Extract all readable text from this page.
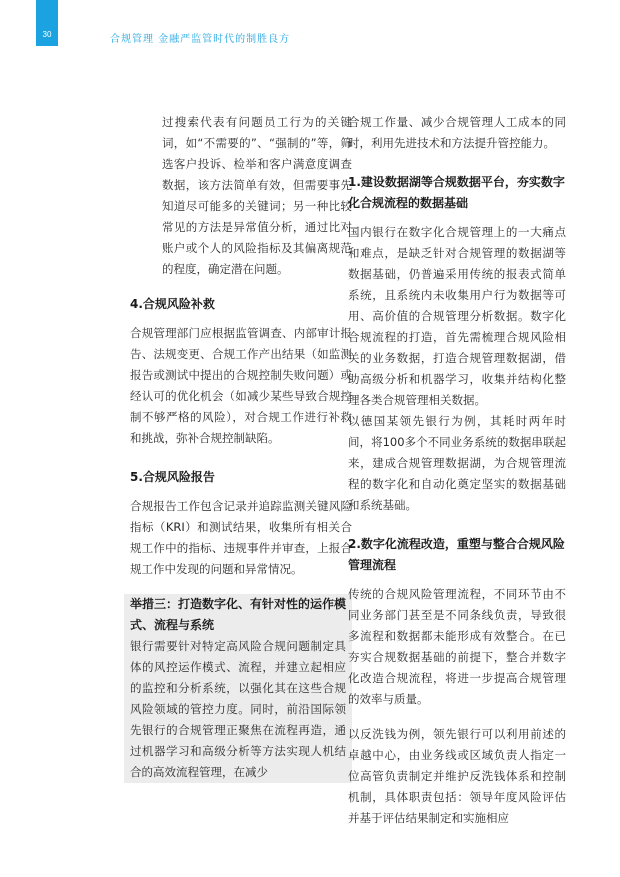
30	合规管理 金融严监管时代的制胜良方

过搜索代表有问题员工行为的关键词，如“不需要的”、“强制的”等，筛选客户投诉、检举和客户满意度调查数据，该方法简单有效，但需要事先知道尽可能多的关键词；另一种比较常见的方法是异常值分析，通过比对账户或个人的风险指标及其偏离规范的程度，确定潜在问题。

4.合规风险补救

合规管理部门应根据监管调查、内部审计报告、法规变更、合规工作产出结果（如监测报告或测试中提出的合规控制失败问题）或经认可的优化机会（如减少某些导致合规控制不够严格的风险），对合规工作进行补救和挑战，弥补合规控制缺陷。

5.合规风险报告

合规报告工作包含记录并追踪监测关键风险指标（KRI）和测试结果，收集所有相关合规工作中的指标、违规事件并审查，上报合规工作中发现的问题和异常情况。

举措三：打造数字化、有针对性的运作模式、流程与系统

银行需要针对特定高风险合规问题制定具体的风控运作模式、流程，并建立起相应的监控和分析系统，以强化其在这些合规风险领域的管控力度。同时，前沿国际领先银行的合规管理正聚焦在流程再造，通过机器学习和高级分析等方法实现人机结合的高效流程管理，在减少

合规工作量、减少合规管理人工成本的同时，利用先进技术和方法提升管控能力。

1.建设数据湖等合规数据平台，夯实数字化合规流程的数据基础

国内银行在数字化合规管理上的一大痛点和难点，是缺乏针对合规管理的数据湖等数据基础，仍普遍采用传统的报表式简单系统，且系统内未收集用户行为数据等可用、高价值的合规管理分析数据。数字化合规流程的打造，首先需梳理合规风险相关的业务数据，打造合规管理数据湖，借助高级分析和机器学习，收集并结构化整理各类合规管理相关数据。

以德国某领先银行为例，其耗时两年时间，将100多个不同业务系统的数据串联起来，建成合规管理数据湖，为合规管理流程的数字化和自动化奠定坚实的数据基础和系统基础。

2.数字化流程改造，重塑与整合合规风险管理流程

传统的合规风险管理流程，不同环节由不同业务部门甚至是不同条线负责，导致很多流程和数据都未能形成有效整合。在已夯实合规数据基础的前提下，整合并数字化改造合规流程，将进一步提高合规管理的效率与质量。

以反洗钱为例，领先银行可以利用前述的卓越中心，由业务线或区域负责人指定一位高管负责制定并维护反洗钱体系和控制机制，具体职责包括：领导年度风险评估并基于评估结果制定和实施相应
